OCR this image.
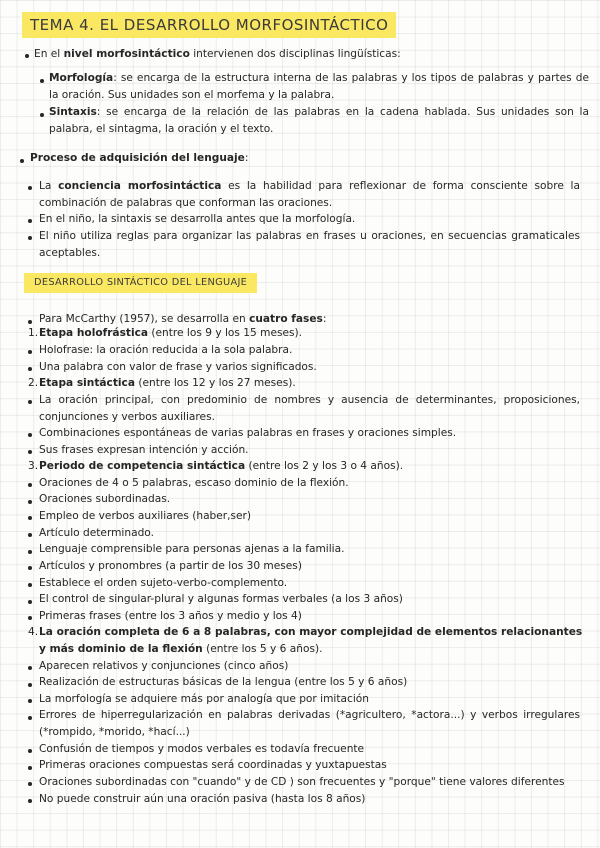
TEMA 4. EL DESARROLLO MORFOSINTÁCTICO
En el nivel morfosintáctico intervienen dos disciplinas lingüísticas:
Morfología: se encarga de la estructura interna de las palabras y los tipos de palabras y partes de la oración. Sus unidades son el morfema y la palabra.
Sintaxis: se encarga de la relación de las palabras en la cadena hablada. Sus unidades son la palabra, el sintagma, la oración y el texto.
Proceso de adquisición del lenguaje:
La conciencia morfosintáctica es la habilidad para reflexionar de forma consciente sobre la combinación de palabras que conforman las oraciones.
En el niño, la sintaxis se desarrolla antes que la morfología.
El niño utiliza reglas para organizar las palabras en frases u oraciones, en secuencias gramaticales aceptables.
DESARROLLO SINTÁCTICO DEL LENGUAJE
Para McCarthy (1957), se desarrolla en cuatro fases:
1. Etapa holofrástica (entre los 9 y los 15 meses).
Holofrase: la oración reducida a la sola palabra.
Una palabra con valor de frase y varios significados.
2. Etapa sintáctica (entre los 12 y los 27 meses).
La oración principal, con predominio de nombres y ausencia de determinantes, proposiciones, conjunciones y verbos auxiliares.
Combinaciones espontáneas de varias palabras en frases y oraciones simples.
Sus frases expresan intención y acción.
3. Periodo de competencia sintáctica (entre los 2 y los 3 o 4 años).
Oraciones de 4 o 5 palabras, escaso dominio de la flexión.
Oraciones subordinadas.
Empleo de verbos auxiliares (haber,ser)
Artículo determinado.
Lenguaje comprensible para personas ajenas a la familia.
Artículos y pronombres (a partir de los 30 meses)
Establece el orden sujeto-verbo-complemento.
El control de singular-plural y algunas formas verbales (a los 3 años)
Primeras frases (entre los 3 años y medio y los 4)
4. La oración completa de 6 a 8 palabras, con mayor complejidad de elementos relacionantes y más dominio de la flexión (entre los 5 y 6 años).
Aparecen relativos y conjunciones (cinco años)
Realización de estructuras básicas de la lengua (entre los 5 y 6 años)
La morfología se adquiere más por analogía que por imitación
Errores de hiperregularización en palabras derivadas (*agricultero, *actora...) y verbos irregulares (*rompido, *morido, *hací...)
Confusión de tiempos y modos verbales es todavía frecuente
Primeras oraciones compuestas será coordinadas y yuxtapuestas
Oraciones subordinadas con "cuando" y de CD ) son frecuentes y "porque" tiene valores diferentes
No puede construir aún una oración pasiva (hasta los 8 años)
